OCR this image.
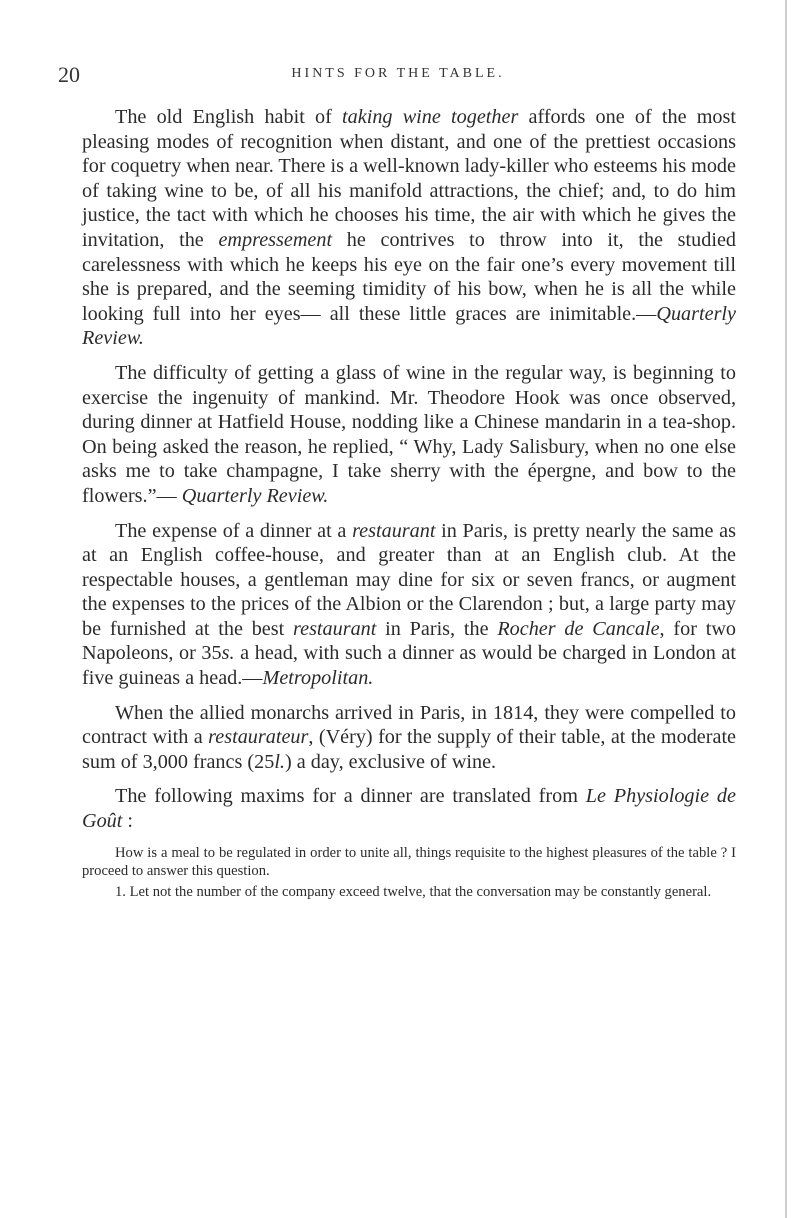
20	HINTS FOR THE TABLE.

The old English habit of taking wine together affords one of the most pleasing modes of recognition when distant, and one of the prettiest occasions for coquetry when near. There is a well-known lady-killer who esteems his mode of taking wine to be, of all his manifold attractions, the chief; and, to do him justice, the tact with which he chooses his time, the air with which he gives the invitation, the empressement he contrives to throw into it, the studied carelessness with which he keeps his eye on the fair one’s every movement till she is prepared, and the seeming timidity of his bow, when he is all the while looking full into her eyes— all these little graces are inimitable.—Quarterly Review.

The difficulty of getting a glass of wine in the regular way, is beginning to exercise the ingenuity of mankind. Mr. Theodore Hook was once observed, during dinner at Hatfield House, nodding like a Chinese mandarin in a tea-shop. On being asked the reason, he replied, “ Why, Lady Salisbury, when no one else asks me to take champagne, I take sherry with the épergne, and bow to the flowers.”— Quarterly Review.

The expense of a dinner at a restaurant in Paris, is pretty nearly the same as at an English coffee-house, and greater than at an English club. At the respectable houses, a gentleman may dine for six or seven francs, or augment the expenses to the prices of the Albion or the Clarendon ; but, a large party may be furnished at the best restaurant in Paris, the Rocher de Cancale, for two Napoleons, or 35s. a head, with such a dinner as would be charged in London at five guineas a head.—Metropolitan.

When the allied monarchs arrived in Paris, in 1814, they were compelled to contract with a restaurateur, (Véry) for the supply of their table, at the moderate sum of 3,000 francs (25l.) a day, exclusive of wine.

The following maxims for a dinner are translated from Le Physiologie de Goût :

How is a meal to be regulated in order to unite all, things requisite to the highest pleasures of the table ? I proceed to answer this question.

1. Let not the number of the company exceed twelve, that the conversation may be constantly general.
